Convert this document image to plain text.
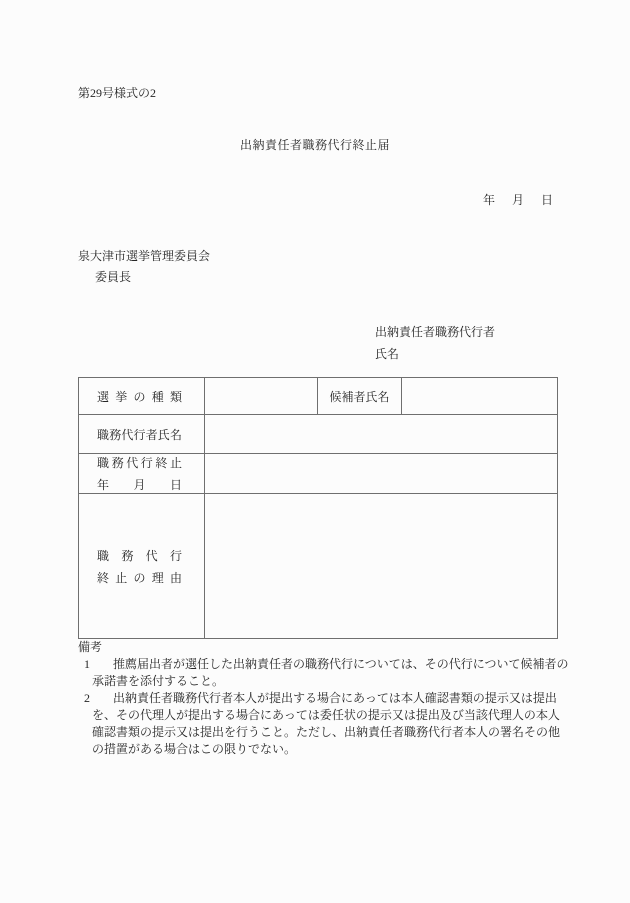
第29号様式の2
出納責任者職務代行終止届
年 月 日
泉大津市選挙管理委員会
委員長
出納責任者職務代行者
氏名
選 挙 の 種 類		候補者氏名	

職 務 代 行 者 氏 名

職 務 代 行 終 止
年 月 日

職 務 代 行
終 止 の 理 由

備考
1	推薦届出者が選任した出納責任者の職務代行については、その代行について候補者の
承諾書を添付すること。
2	出納責任者職務代行者本人が提出する場合にあっては本人確認書類の提示又は提出
を、その代理人が提出する場合にあっては委任状の提示又は提出及び当該代理人の本人
確認書類の提示又は提出を行うこと。ただし、出納責任者職務代行者本人の署名その他
の措置がある場合はこの限りでない。
